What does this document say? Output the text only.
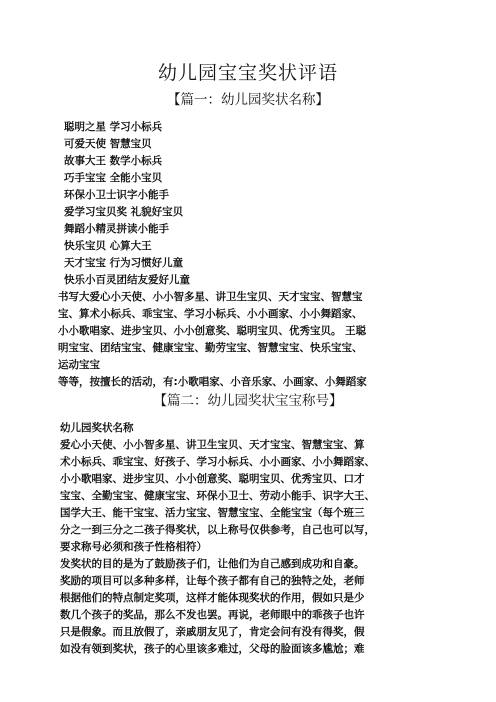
幼儿园宝宝奖状评语
【篇一：幼儿园奖状名称】
聪明之星 学习小标兵
可爱天使 智慧宝贝
故事大王 数学小标兵
巧手宝宝 全能小宝贝
环保小卫士识字小能手
爱学习宝贝奖 礼貌好宝贝
舞蹈小精灵拼读小能手
快乐宝贝 心算大王
天才宝宝 行为习惯好儿童
快乐小百灵团结友爱好儿童
书写大爱心小天使、小小智多星、讲卫生宝贝、天才宝宝、智慧宝
宝、算术小标兵、乖宝宝、学习小标兵、小小画家、小小舞蹈家、
小小歌唱家、进步宝贝、小小创意奖、聪明宝贝、优秀宝贝。 王聪
明宝宝、团结宝宝、健康宝宝、勤劳宝宝、智慧宝宝、快乐宝宝、
运动宝宝
等等，按擅长的活动，有:小歌唱家、小音乐家、小画家、小舞蹈家
【篇二：幼儿园奖状宝宝称号】
幼儿园奖状名称
爱心小天使、小小智多星、讲卫生宝贝、天才宝宝、智慧宝宝、算
术小标兵、乖宝宝、好孩子、学习小标兵、小小画家、小小舞蹈家、
小小歌唱家、进步宝贝、小小创意奖、聪明宝贝、优秀宝贝、口才
宝宝、全勤宝宝、健康宝宝、环保小卫士、劳动小能手、识字大王、
国学大王、能干宝宝、活力宝宝、智慧宝宝、全能宝宝（每个班三
分之一到三分之二孩子得奖状，以上称号仅供参考，自己也可以写，
要求称号必须和孩子性格相符）
发奖状的目的是为了鼓励孩子们，让他们为自己感到成功和自豪。
奖励的项目可以多种多样，让每个孩子都有自己的独特之处，老师
根据他们的特点制定奖项，这样才能体现奖状的作用，假如只是少
数几个孩子的奖品，那么不发也罢。再说，老师眼中的乖孩子也许
只是假象。而且放假了，亲戚朋友见了，肯定会问有没有得奖，假
如没有领到奖状，孩子的心里该多难过，父母的脸面该多尴尬；难
